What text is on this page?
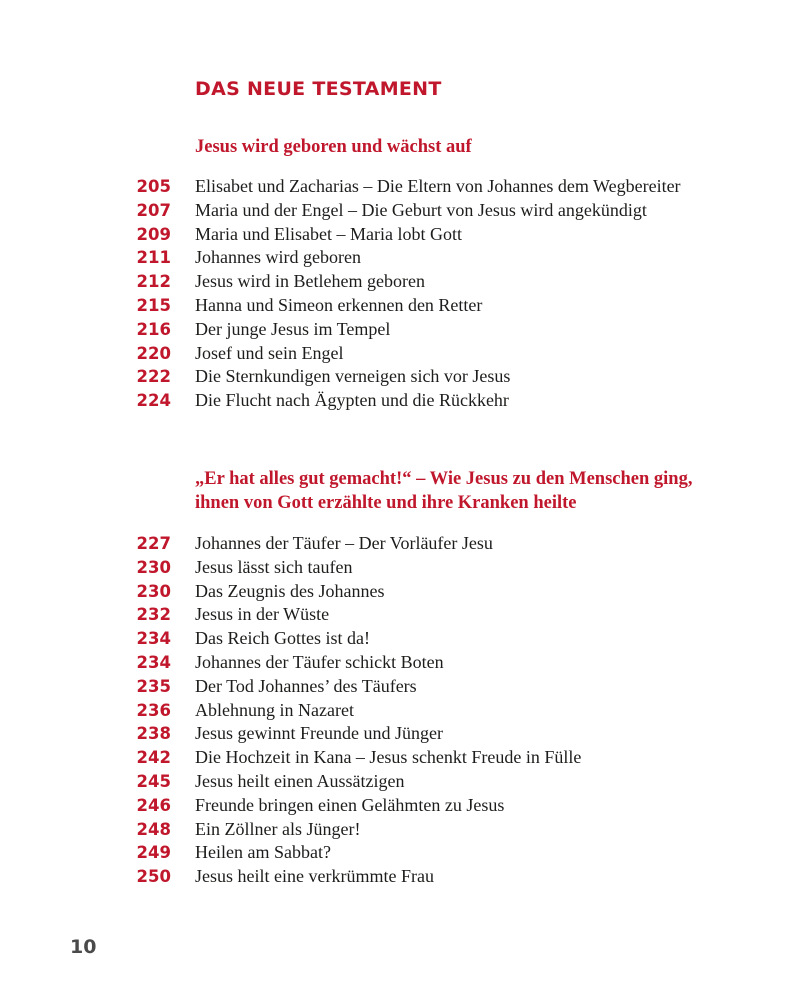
DAS NEUE TESTAMENT
Jesus wird geboren und wächst auf
205 Elisabet und Zacharias – Die Eltern von Johannes dem Wegbereiter
207 Maria und der Engel – Die Geburt von Jesus wird angekündigt
209 Maria und Elisabet – Maria lobt Gott
211 Johannes wird geboren
212 Jesus wird in Betlehem geboren
215 Hanna und Simeon erkennen den Retter
216 Der junge Jesus im Tempel
220 Josef und sein Engel
222 Die Sternkundigen verneigen sich vor Jesus
224 Die Flucht nach Ägypten und die Rückkehr
„Er hat alles gut gemacht!“ – Wie Jesus zu den Menschen ging, ihnen von Gott erzählte und ihre Kranken heilte
227 Johannes der Täufer – Der Vorläufer Jesu
230 Jesus lässt sich taufen
230 Das Zeugnis des Johannes
232 Jesus in der Wüste
234 Das Reich Gottes ist da!
234 Johannes der Täufer schickt Boten
235 Der Tod Johannes’ des Täufers
236 Ablehnung in Nazaret
238 Jesus gewinnt Freunde und Jünger
242 Die Hochzeit in Kana – Jesus schenkt Freude in Fülle
245 Jesus heilt einen Aussätzigen
246 Freunde bringen einen Gelähmten zu Jesus
248 Ein Zöllner als Jünger!
249 Heilen am Sabbat?
250 Jesus heilt eine verkrümmte Frau
10
